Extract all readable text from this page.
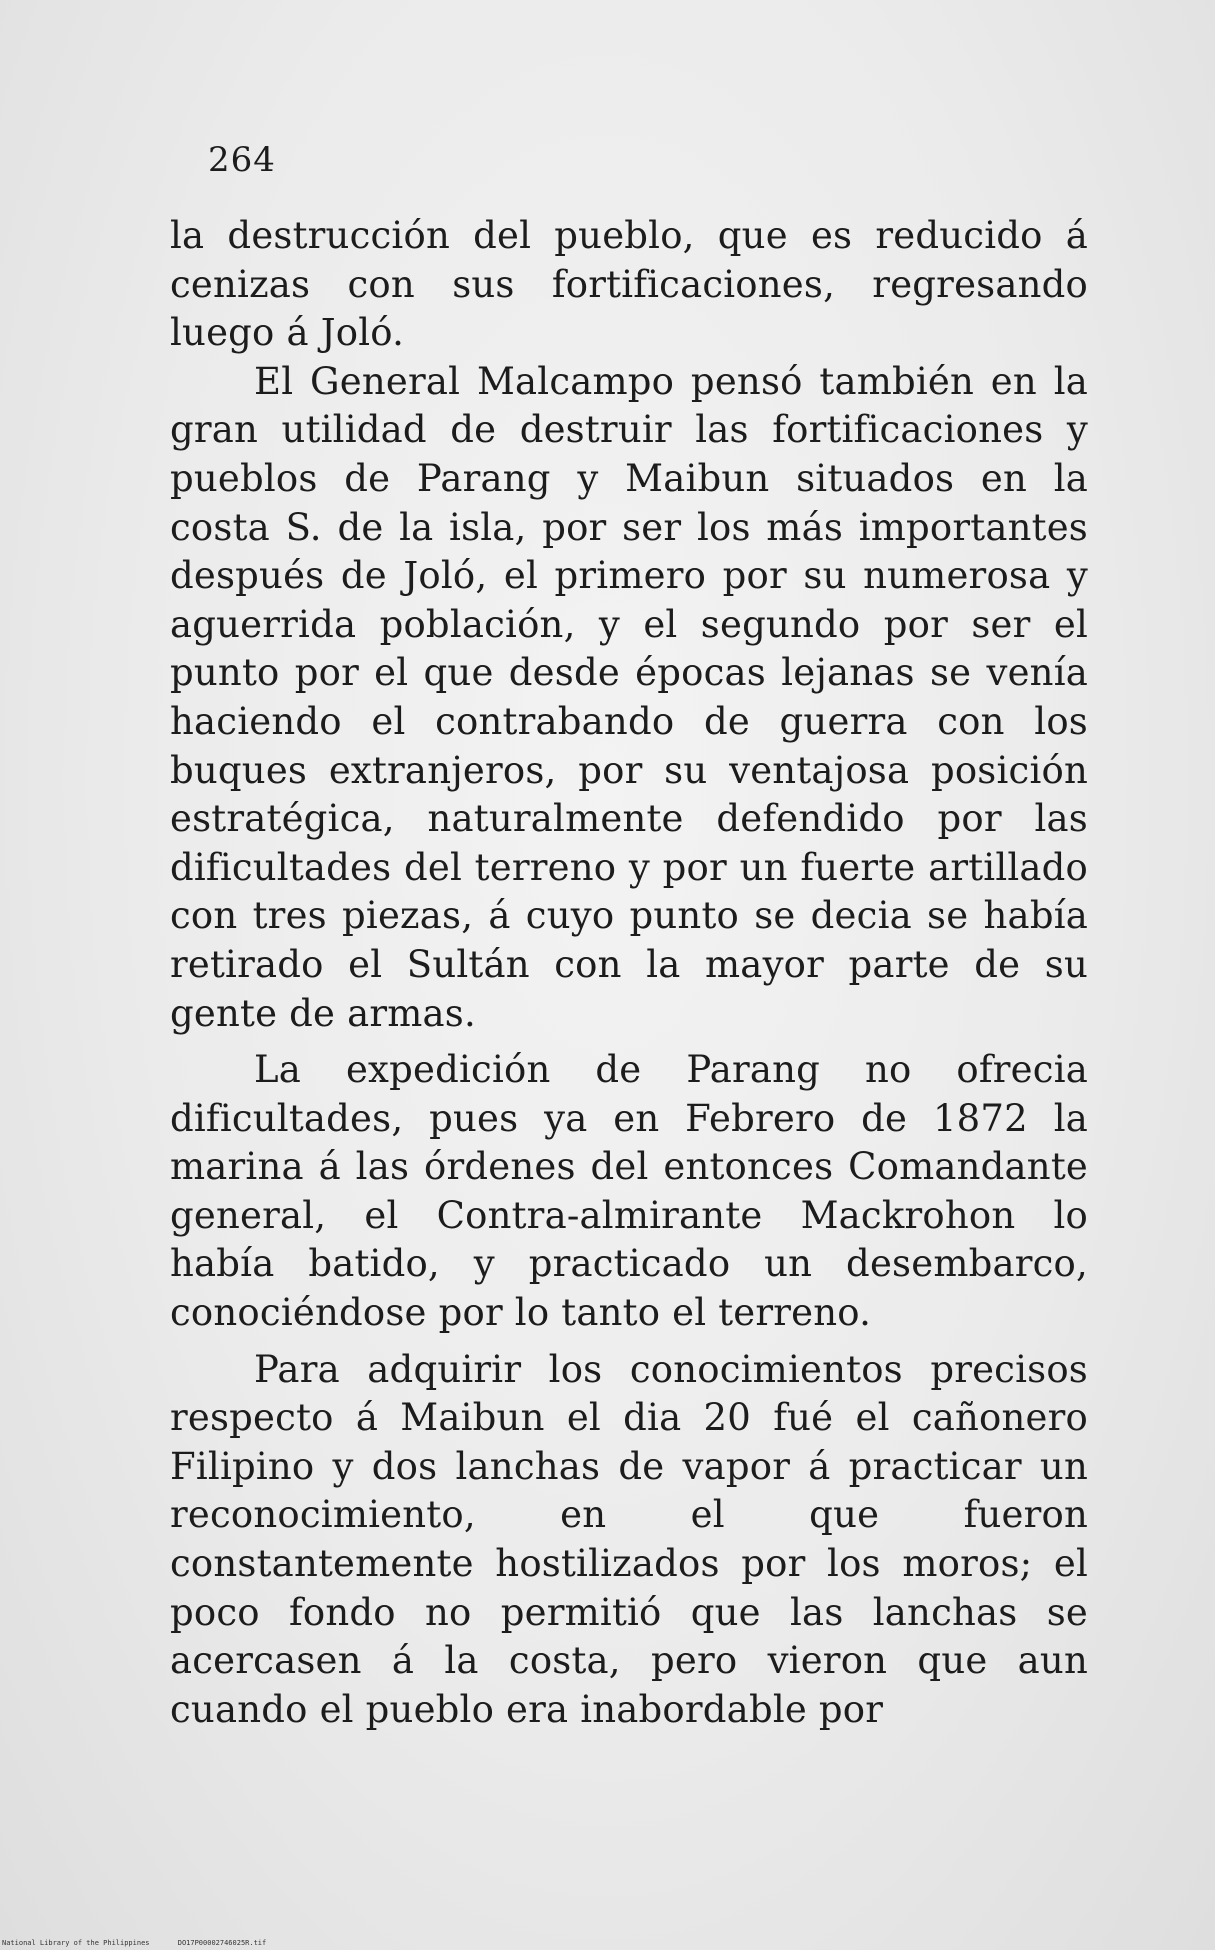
264

la destrucción del pueblo, que es reducido á cenizas con sus fortificaciones, regresando luego á Joló.

El General Malcampo pensó también en la gran utilidad de destruir las fortificaciones y pueblos de Parang y Maibun situados en la costa S. de la isla, por ser los más importantes después de Joló, el primero por su numerosa y aguerrida población, y el segundo por ser el punto por el que desde épocas lejanas se venía haciendo el contrabando de guerra con los buques extranjeros, por su ventajosa posición estratégica, naturalmente defendido por las dificultades del terreno y por un fuerte artillado con tres piezas, á cuyo punto se decia se había retirado el Sultán con la mayor parte de su gente de armas.

La expedición de Parang no ofrecia dificultades, pues ya en Febrero de 1872 la marina á las órdenes del entonces Comandante general, el Contra-almirante Mackrohon lo había batido, y practicado un desembarco, conociéndose por lo tanto el terreno.

Para adquirir los conocimientos precisos respecto á Maibun el dia 20 fué el cañonero Filipino y dos lanchas de vapor á practicar un reconocimiento, en el que fueron constantemente hostilizados por los moros; el poco fondo no permitió que las lanchas se acercasen á la costa, pero vieron que aun cuando el pueblo era inabordable por

National Library of the Philippines	DO17P00002746025R.tif
